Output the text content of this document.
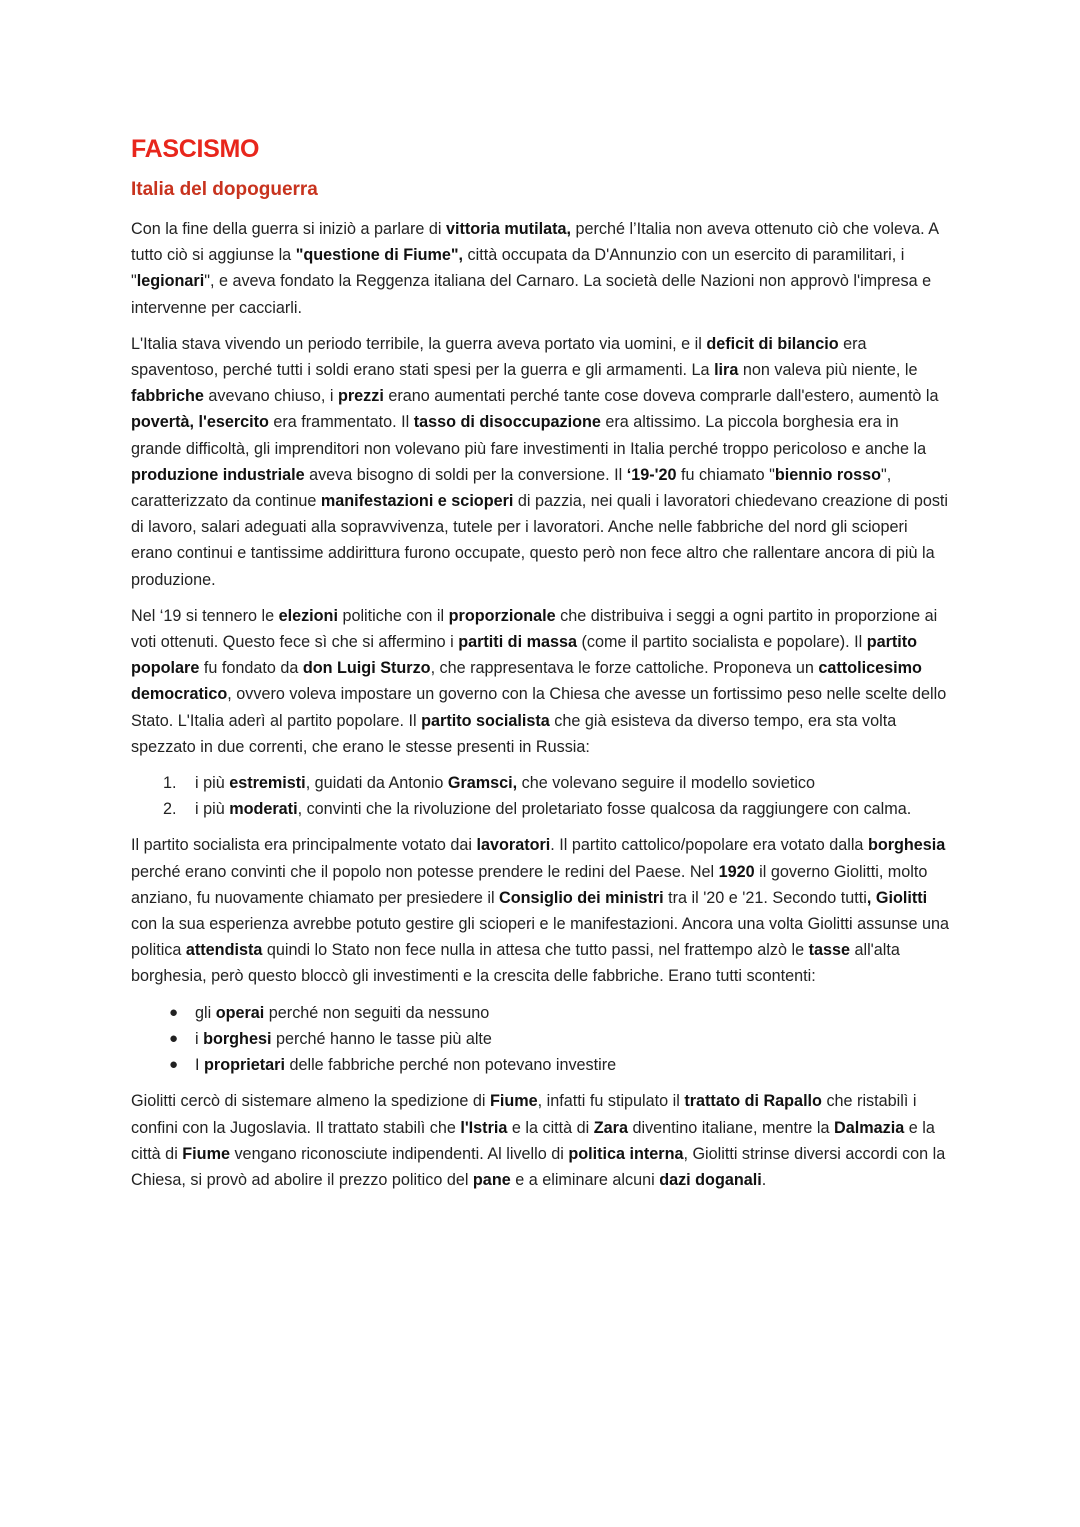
FASCISMO
Italia del dopoguerra

Con la fine della guerra si iniziò a parlare di vittoria mutilata, perché l’Italia non aveva ottenuto ciò che voleva. A tutto ciò si aggiunse la "questione di Fiume", città occupata da D'Annunzio con un esercito di paramilitari, i "legionari", e aveva fondato la Reggenza italiana del Carnaro. La società delle Nazioni non approvò l'impresa e intervenne per cacciarli.

L'Italia stava vivendo un periodo terribile, la guerra aveva portato via uomini, e il deficit di bilancio era spaventoso, perché tutti i soldi erano stati spesi per la guerra e gli armamenti. La lira non valeva più niente, le fabbriche avevano chiuso, i prezzi erano aumentati perché tante cose doveva comprarle dall'estero, aumentò la povertà, l'esercito era frammentato. Il tasso di disoccupazione era altissimo. La piccola borghesia era in grande difficoltà, gli imprenditori non volevano più fare investimenti in Italia perché troppo pericoloso e anche la produzione industriale aveva bisogno di soldi per la conversione. Il ‘19-'20 fu chiamato "biennio rosso", caratterizzato da continue manifestazioni e scioperi di pazzia, nei quali i lavoratori chiedevano creazione di posti di lavoro, salari adeguati alla sopravvivenza, tutele per i lavoratori. Anche nelle fabbriche del nord gli scioperi erano continui e tantissime addirittura furono occupate, questo però non fece altro che rallentare ancora di più la produzione.

Nel ‘19 si tennero le elezioni politiche con il proporzionale che distribuiva i seggi a ogni partito in proporzione ai voti ottenuti. Questo fece sì che si affermino i partiti di massa (come il partito socialista e popolare). Il partito popolare fu fondato da don Luigi Sturzo, che rappresentava le forze cattoliche. Proponeva un cattolicesimo democratico, ovvero voleva impostare un governo con la Chiesa che avesse un fortissimo peso nelle scelte dello Stato. L'Italia aderì al partito popolare. Il partito socialista che già esisteva da diverso tempo, era sta volta spezzato in due correnti, che erano le stesse presenti in Russia:

1. i più estremisti, guidati da Antonio Gramsci, che volevano seguire il modello sovietico
2. i più moderati, convinti che la rivoluzione del proletariato fosse qualcosa da raggiungere con calma.

Il partito socialista era principalmente votato dai lavoratori. Il partito cattolico/popolare era votato dalla borghesia perché erano convinti che il popolo non potesse prendere le redini del Paese. Nel 1920 il governo Giolitti, molto anziano, fu nuovamente chiamato per presiedere il Consiglio dei ministri tra il '20 e '21. Secondo tutti, Giolitti con la sua esperienza avrebbe potuto gestire gli scioperi e le manifestazioni. Ancora una volta Giolitti assunse una politica attendista quindi lo Stato non fece nulla in attesa che tutto passi, nel frattempo alzò le tasse all'alta borghesia, però questo bloccò gli investimenti e la crescita delle fabbriche. Erano tutti scontenti:

● gli operai perché non seguiti da nessuno
● i borghesi perché hanno le tasse più alte
● I proprietari delle fabbriche perché non potevano investire

Giolitti cercò di sistemare almeno la spedizione di Fiume, infatti fu stipulato il trattato di Rapallo che ristabilì i confini con la Jugoslavia. Il trattato stabilì che l'Istria e la città di Zara diventino italiane, mentre la Dalmazia e la città di Fiume vengano riconosciute indipendenti. Al livello di politica interna, Giolitti strinse diversi accordi con la Chiesa, si provò ad abolire il prezzo politico del pane e a eliminare alcuni dazi doganali.
